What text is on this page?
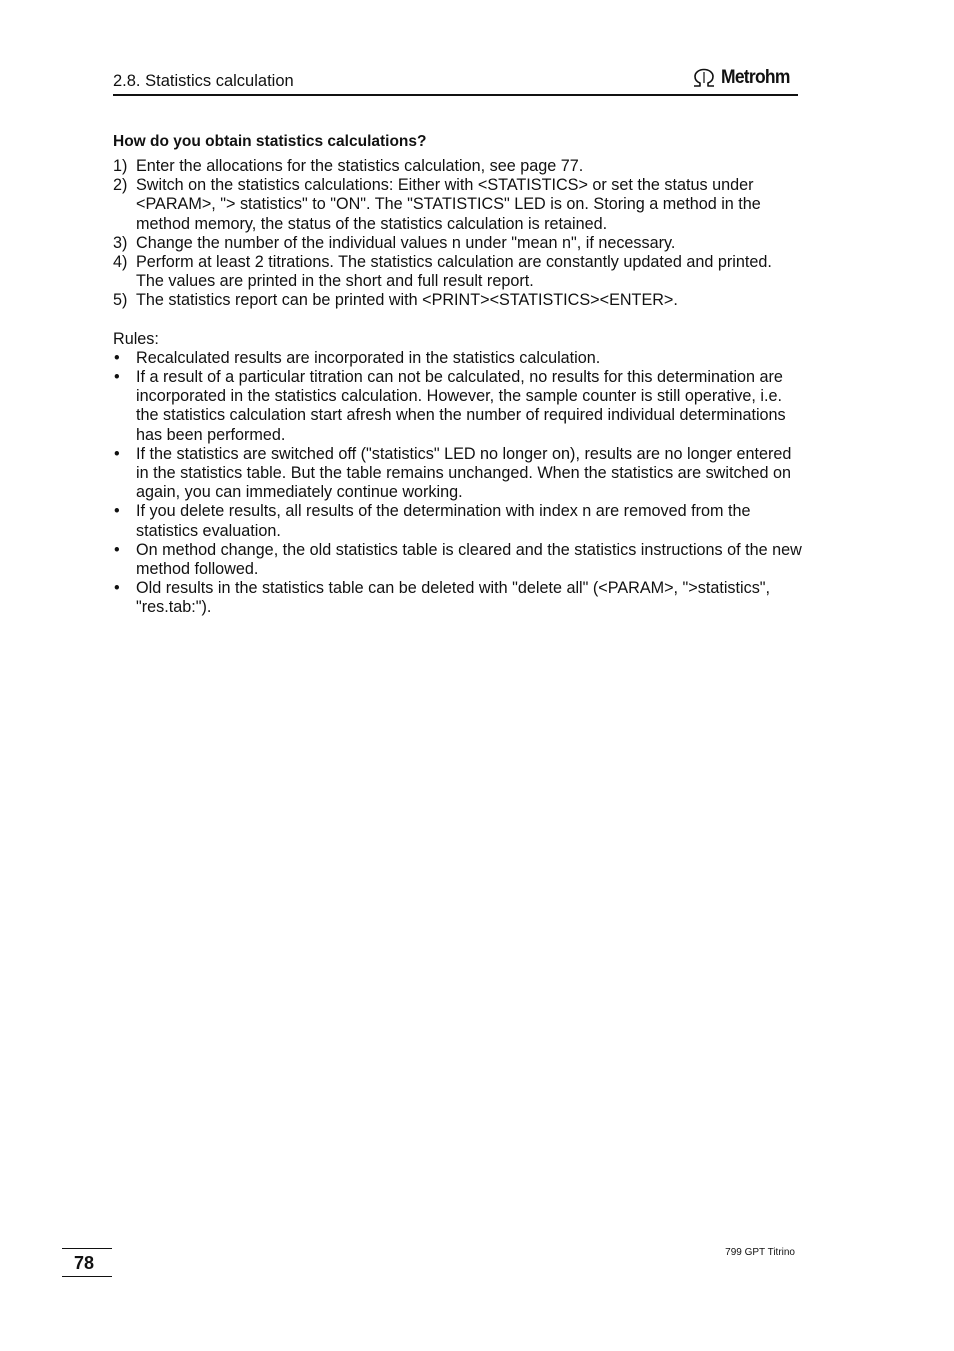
2.8. Statistics calculation	Metrohm
How do you obtain statistics calculations?
1) Enter the allocations for the statistics calculation, see page 77.
2) Switch on the statistics calculations: Either with <STATISTICS> or set the status under <PARAM>, "> statistics" to "ON". The "STATISTICS" LED is on. Storing a method in the method memory, the status of the statistics calculation is retained.
3) Change the number of the individual values n under "mean n", if necessary.
4) Perform at least 2 titrations. The statistics calculation are constantly updated and printed. The values are printed in the short and full result report.
5) The statistics report can be printed with <PRINT><STATISTICS><ENTER>.
Rules:
• Recalculated results are incorporated in the statistics calculation.
• If a result of a particular titration can not be calculated, no results for this determination are incorporated in the statistics calculation. However, the sample counter is still operative, i.e. the statistics calculation start afresh when the number of required individual determinations has been performed.
• If the statistics are switched off ("statistics" LED no longer on), results are no longer entered in the statistics table. But the table remains unchanged. When the statistics are switched on again, you can immediately continue working.
• If you delete results, all results of the determination with index n are removed from the statistics evaluation.
• On method change, the old statistics table is cleared and the statistics instructions of the new method followed.
• Old results in the statistics table can be deleted with "delete all" (<PARAM>, ">statistics", "res.tab:").
78
799 GPT Titrino
